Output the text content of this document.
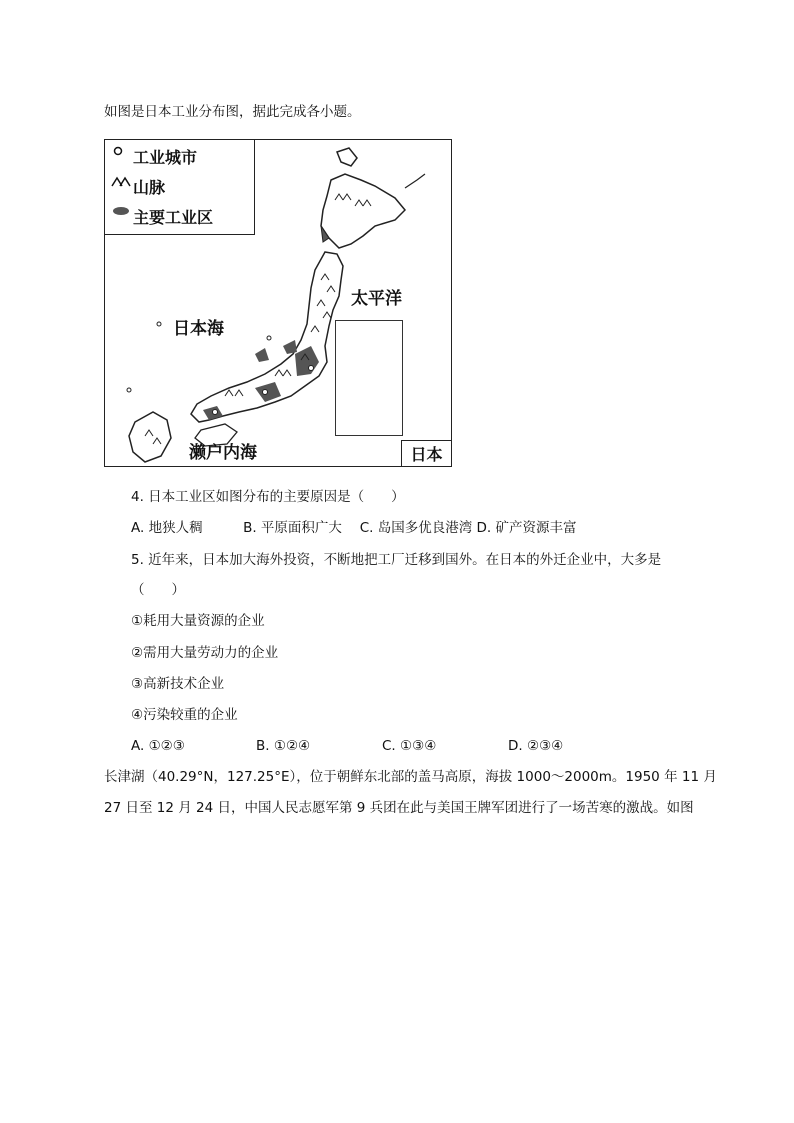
如图是日本工业分布图，据此完成各小题。
工业城市
山脉
主要工业区
太平洋
日本海
濑户内海	日本
4. 日本工业区如图分布的主要原因是（　　）
A. 地狭人稠　　　B. 平原面积广大　 C. 岛国多优良港湾 D. 矿产资源丰富
5. 近年来，日本加大海外投资，不断地把工厂迁移到国外。在日本的外迁企业中，大多是
（　　）
①耗用大量资源的企业
②需用大量劳动力的企业
③高新技术企业
④污染较重的企业
A. ①②③	B. ①②④	C. ①③④	D. ②③④
长津湖（40.29°N，127.25°E），位于朝鲜东北部的盖马高原，海拔 1000～2000m。1950 年 11 月
27 日至 12 月 24 日，中国人民志愿军第 9 兵团在此与美国王牌军团进行了一场苦寒的激战。如图
